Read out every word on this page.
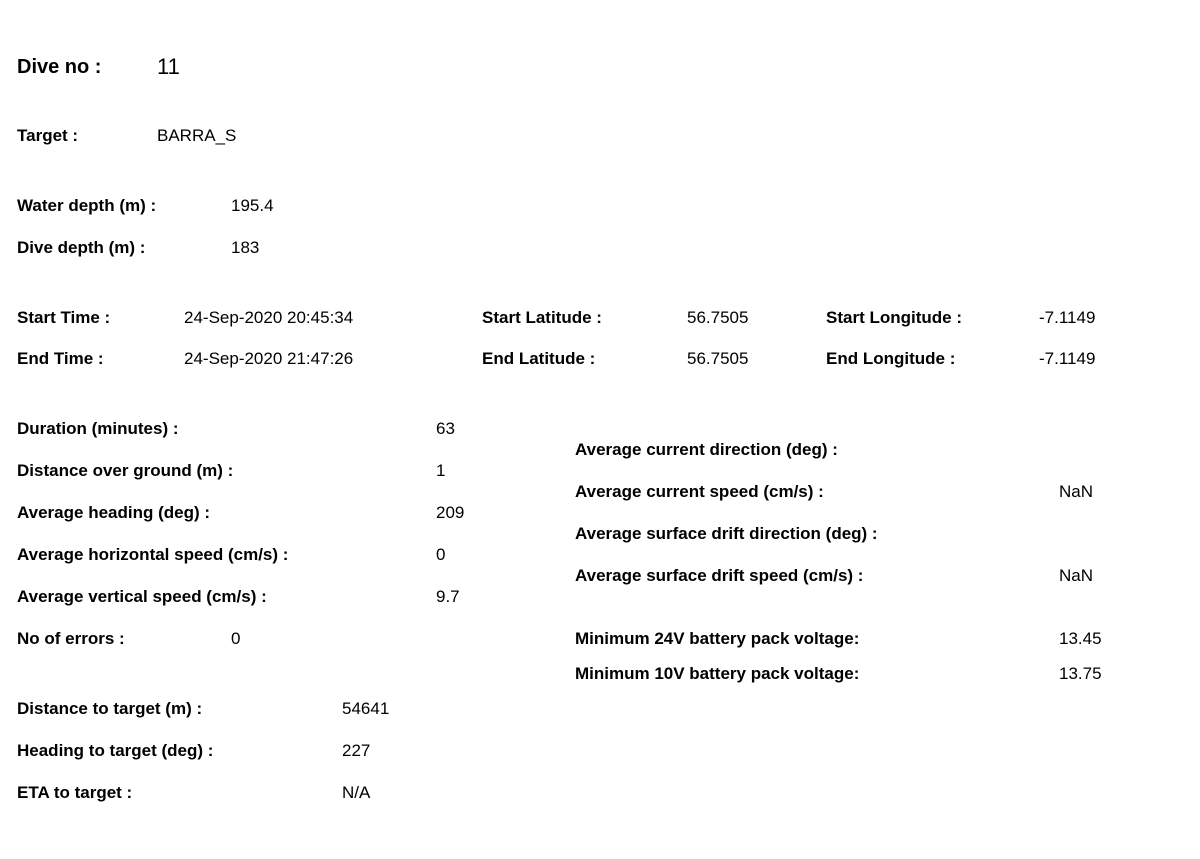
Dive no :	11
Target :	BARRA_S
Water depth (m) :	195.4
Dive depth (m) :	183
Start Time :	24-Sep-2020 20:45:34	Start Latitude :	56.7505	Start Longitude :	-7.1149
End Time :	24-Sep-2020 21:47:26	End Latitude :	56.7505	End Longitude :	-7.1149
Duration (minutes) :	63
Distance over ground (m) :	1
Average heading (deg) :	209
Average horizontal speed (cm/s) :	0
Average vertical speed (cm/s) :	9.7
No of errors :	0
Average current direction (deg) :
Average current speed (cm/s) :	NaN
Average surface drift direction (deg) :
Average surface drift speed (cm/s) :	NaN
Minimum 24V battery pack voltage:	13.45
Minimum 10V battery pack voltage:	13.75
Distance to target (m) :	54641
Heading to target (deg) :	227
ETA to target :	N/A
